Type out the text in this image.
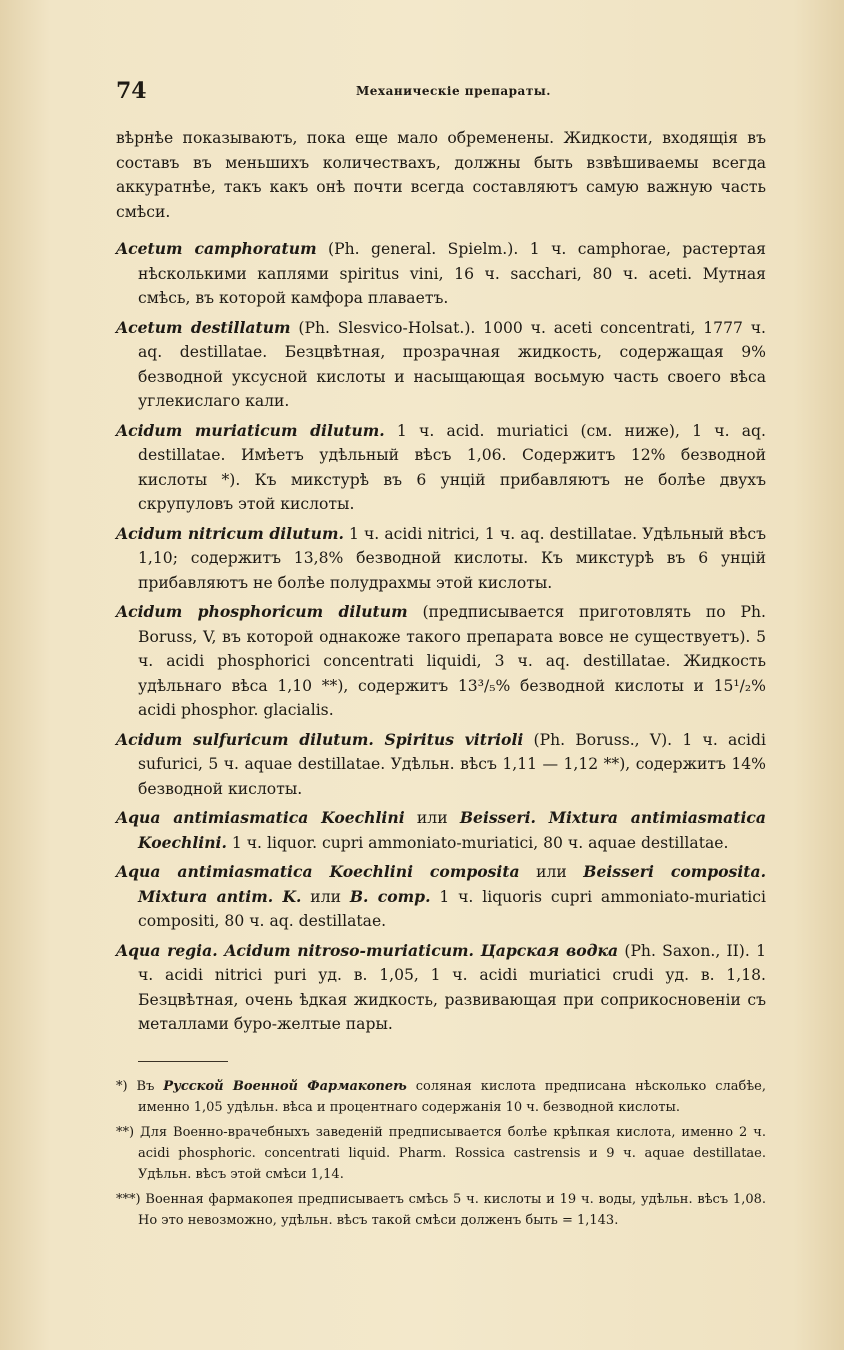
74	Механическіе препараты.

вѣрнѣе показываютъ, пока еще мало обременены. Жидкости, входящія въ составъ въ меньшихъ количествахъ, должны быть взвѣшиваемы всегда аккуратнѣе, такъ какъ онѣ почти всегда составляютъ самую важную часть смѣси.

Acetum camphoratum (Ph. general. Spielm.). 1 ч. camphorae, растертая нѣсколькими каплями spiritus vini, 16 ч. sacchari, 80 ч. aceti. Мутная смѣсь, въ которой камфора плаваетъ.

Acetum destillatum (Ph. Slesvico-Holsat.). 1000 ч. aceti concentrati, 1777 ч. aq. destillatae. Безцвѣтная, прозрачная жидкость, содержащая 9% безводной уксусной кислоты и насыщающая восьмую часть своего вѣса углекислаго кали.

Acidum muriaticum dilutum. 1 ч. acid. muriatici (см. ниже), 1 ч. aq. destillatae. Имѣетъ удѣльный вѣсъ 1,06. Содержитъ 12% безводной кислоты *). Къ микстурѣ въ 6 унцій прибавляютъ не болѣе двухъ скрупуловъ этой кислоты.

Acidum nitricum dilutum. 1 ч. acidi nitrici, 1 ч. aq. destillatae. Удѣльный вѣсъ 1,10; содержитъ 13,8% безводной кислоты. Къ микстурѣ въ 6 унцій прибавляютъ не болѣе полудрахмы этой кислоты.

Acidum phosphoricum dilutum (предписывается приготовлять по Ph. Boruss, V, въ которой однакоже такого препарата вовсе не существуетъ). 5 ч. acidi phosphorici concentrati liquidi, 3 ч. aq. destillatae. Жидкость удѣльнаго вѣса 1,10 **), содержитъ 13³/₅% безводной кислоты и 15¹/₂% acidi phosphor. glacialis.

Acidum sulfuricum dilutum. Spiritus vitrioli (Ph. Boruss., V). 1 ч. acidi sufurici, 5 ч. aquae destillatae. Удѣльн. вѣсъ 1,11 — 1,12 **), содержитъ 14% безводной кислоты.

Aqua antimiasmatica Koechlini или Beisseri. Mixtura antimiasmatica Koechlini. 1 ч. liquor. cupri ammoniato-muriatici, 80 ч. aquae destillatae.

Aqua antimiasmatica Koechlini composita или Beisseri composita. Mixtura antim. K. или B. comp. 1 ч. liquoris cupri ammoniato-muriatici compositi, 80 ч. aq. destillatae.

Aqua regia. Acidum nitroso-muriaticum. Царская водка (Ph. Saxon., II). 1 ч. acidi nitrici puri уд. в. 1,05, 1 ч. acidi muriatici crudi уд. в. 1,18. Безцвѣтная, очень ѣдкая жидкость, развивающая при соприкосновеніи съ металлами буро-желтые пары.

*) Въ Русской Военной Фармакопеѣ соляная кислота предписана нѣсколько слабѣе, именно 1,05 удѣльн. вѣса и процентнаго содержанія 10 ч. безводной кислоты.

**) Для Военно-врачебныхъ заведеній предписывается болѣе крѣпкая кислота, именно 2 ч. acidi phosphoric. concentrati liquid. Pharm. Rossica castrensis и 9 ч. aquae destillatae. Удѣльн. вѣсъ этой смѣси 1,14.

***) Военная фармакопея предписываетъ смѣсь 5 ч. кислоты и 19 ч. воды, удѣльн. вѣсъ 1,08. Но это невозможно, удѣльн. вѣсъ такой смѣси долженъ быть = 1,143.
